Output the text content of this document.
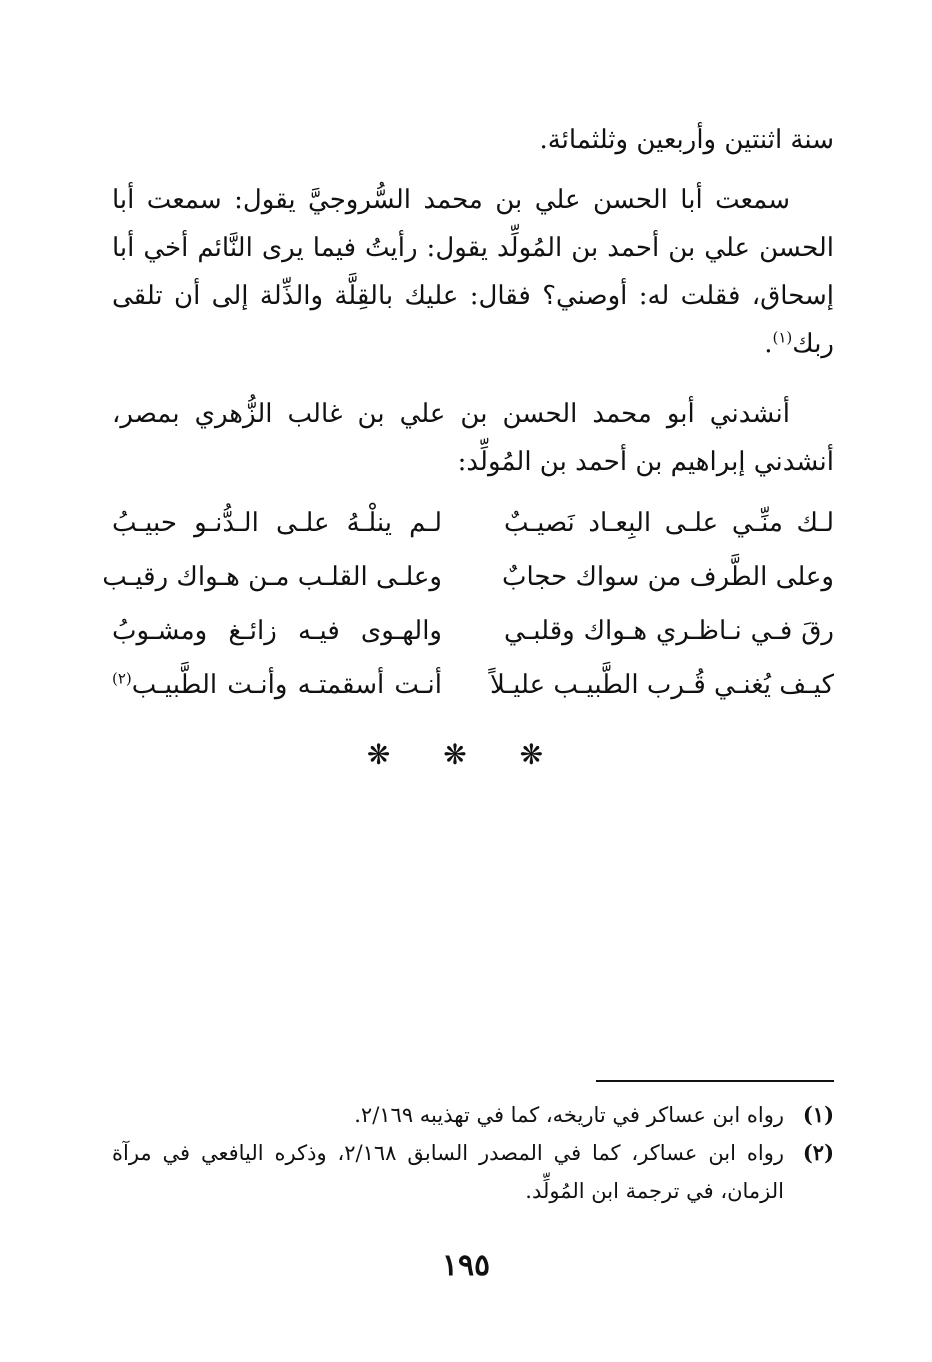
سنة اثنتين وأربعين وثلثمائة.

سمعت أبا الحسن علي بن محمد السُّروجيَّ يقول: سمعت أبا الحسن علي بن أحمد بن المُولِّد يقول: رأيتُ فيما يرى النَّائم أخي أبا إسحاق، فقلت له: أوصني؟ فقال: عليك بالقِلَّة والذِّلة إلى أن تلقى ربك$^{(١)}$.

أنشدني أبو محمد الحسن بن علي بن غالب الزُّهري بمصر، أنشدني إبراهيم بن أحمد بن المُولِّد:

لـك منِّـي علـى البِعـاد نَصيـبٌ
لـم ينلْـهُ علـى الـدُّنـو حبيـبُ
وعلى الطَّرف من سواك حجابٌ
وعلـى القلـب مـن هـواك رقيـب
رقَ فـي نـاظـري هـواك وقلبـي
والهـوى فيـه زائـغ ومشـوبُ
كيـف يُغنـي قُـرب الطَّبيـب عليـلاً
أنـت أسقمتـه وأنـت الطَّبيـب$^{(٢)}$
❋ ❋ ❋
(١)
رواه ابن عساكر في تاريخه، كما في تهذيبه ٢/١٦٩.
(٢)
رواه ابن عساكر، كما في المصدر السابق ٢/١٦٨، وذكره اليافعي في مرآة الزمان، في ترجمة ابن المُولِّد.
١٩٥
